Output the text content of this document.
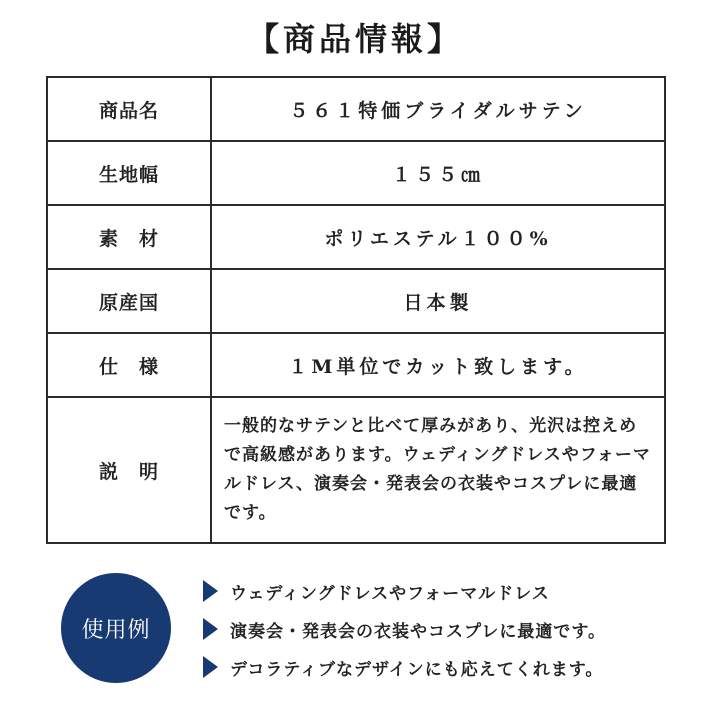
【商品情報】
商品名	５６１特価ブライダルサテン
生地幅	１５５㎝
素　材	ポリエステル１００%
原産国	日本製
仕　様	１M単位でカット致します。
説　明	一般的なサテンと比べて厚みがあり、光沢は控えめで高級感があります。ウェディングドレスやフォーマルドレス、演奏会・発表会の衣装やコスプレに最適です。
使用例
ウェディングドレスやフォーマルドレス
演奏会・発表会の衣装やコスプレに最適です。
デコラティブなデザインにも応えてくれます。
